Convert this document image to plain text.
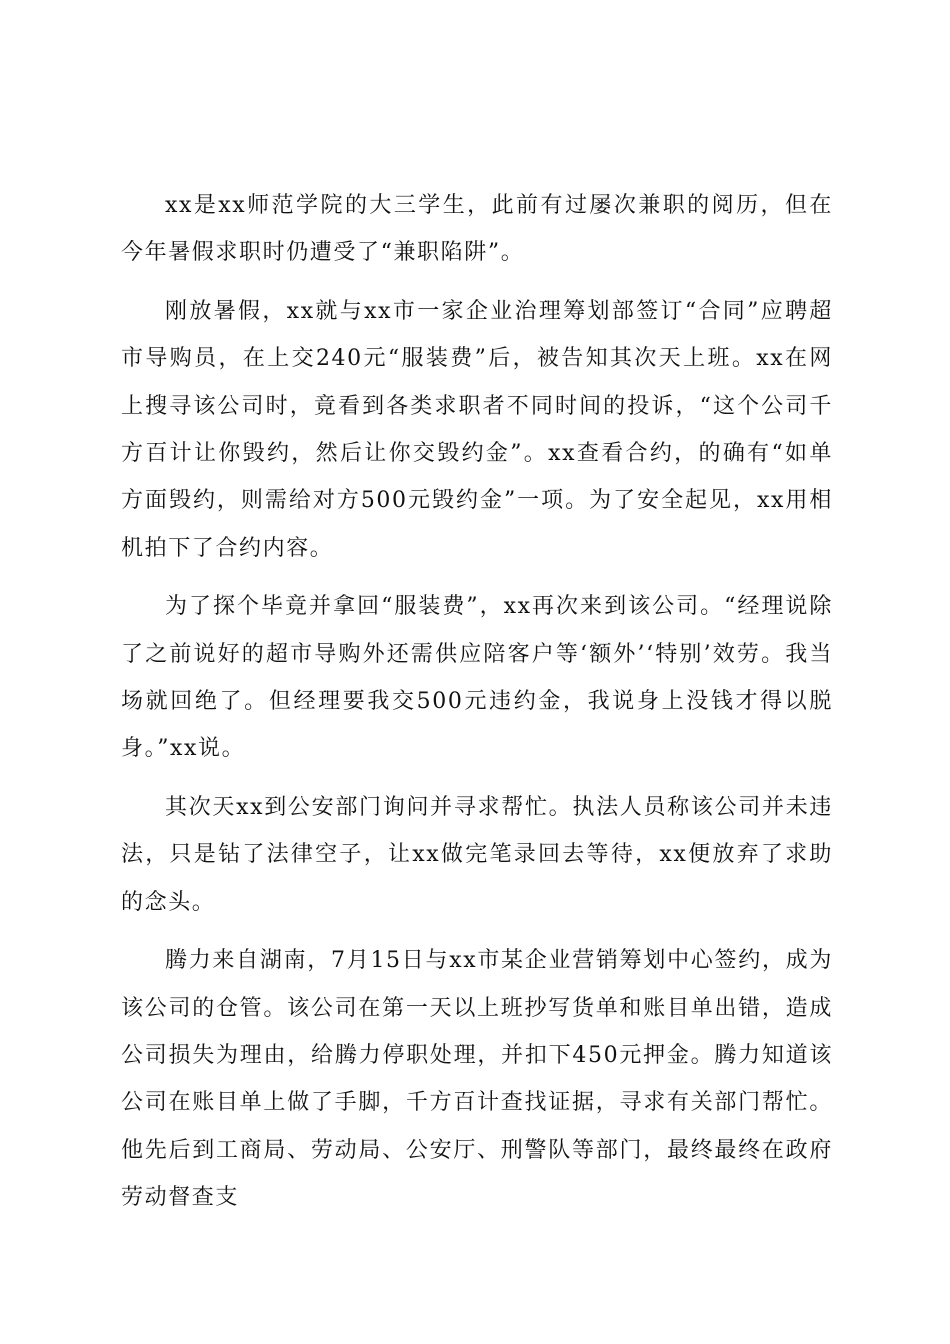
xx是xx师范学院的大三学生，此前有过屡次兼职的阅历，但在今年暑假求职时仍遭受了“兼职陷阱”。

刚放暑假，xx就与xx市一家企业治理筹划部签订“合同”应聘超市导购员，在上交240元“服装费”后，被告知其次天上班。xx在网上搜寻该公司时，竟看到各类求职者不同时间的投诉，“这个公司千方百计让你毁约，然后让你交毁约金”。xx查看合约，的确有“如单方面毁约，则需给对方500元毁约金”一项。为了安全起见，xx用相机拍下了合约内容。

为了探个毕竟并拿回“服装费”，xx再次来到该公司。“经理说除了之前说好的超市导购外还需供应陪客户等‘额外’‘特别’效劳。我当场就回绝了。但经理要我交500元违约金，我说身上没钱才得以脱身。”xx说。

其次天xx到公安部门询问并寻求帮忙。执法人员称该公司并未违法，只是钻了法律空子，让xx做完笔录回去等待，xx便放弃了求助的念头。

腾力来自湖南，7月15日与xx市某企业营销筹划中心签约，成为该公司的仓管。该公司在第一天以上班抄写货单和账目单出错，造成公司损失为理由，给腾力停职处理，并扣下450元押金。腾力知道该公司在账目单上做了手脚，千方百计查找证据，寻求有关部门帮忙。他先后到工商局、劳动局、公安厅、刑警队等部门，最终最终在政府劳动督查支
